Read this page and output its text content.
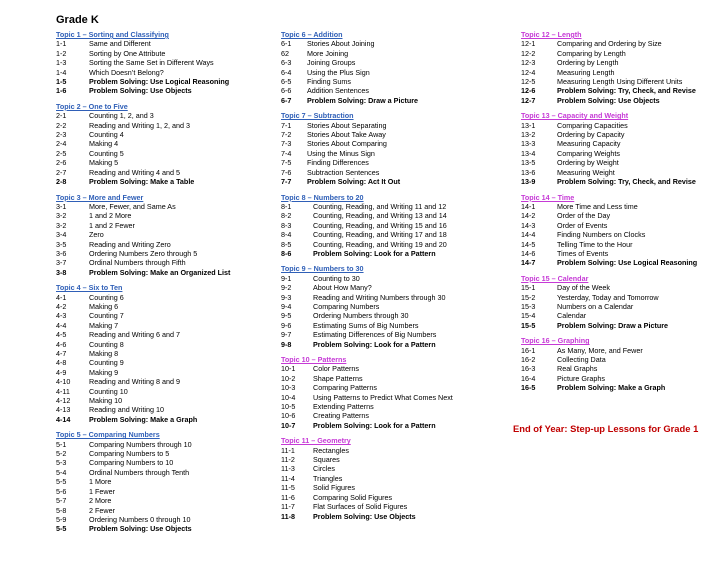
Grade K
Topic 1 – Sorting and Classifying
1-1	Same and Different
1-2	Sorting by One Attribute
1-3	Sorting the Same Set in Different Ways
1-4	Which Doesn’t Belong?
1-5	Problem Solving: Use Logical Reasoning
1-6	Problem Solving: Use Objects
Topic 2 – One to Five
2-1	Counting 1, 2, and 3
2-2	Reading and Writing 1, 2, and 3
2-3	Counting 4
2-4	Making 4
2-5	Counting 5
2-6	Making 5
2-7	Reading and Writing 4 and 5
2-8	Problem Solving: Make a Table
Topic 3 – More and Fewer
3-1	More, Fewer, and Same As
3-2	1 and 2 More
3-2	1 and 2 Fewer
3-4	Zero
3-5	Reading and Writing Zero
3-6	Ordering Numbers Zero through 5
3-7	Ordinal Numbers through Fifth
3-8	Problem Solving: Make an Organized List
Topic 4 – Six to Ten
4-1	Counting 6
4-2	Making 6
4-3	Counting 7
4-4	Making 7
4-5	Reading and Writing 6 and 7
4-6	Counting 8
4-7	Making 8
4-8	Counting 9
4-9	Making 9
4-10	Reading and Writing 8 and 9
4-11	Counting 10
4-12	Making 10
4-13	Reading and Writing 10
4-14	Problem Solving: Make a Graph
Topic 5 – Comparing Numbers
5-1	Comparing Numbers through 10
5-2	Comparing Numbers to 5
5-3	Comparing Numbers to 10
5-4	Ordinal Numbers through Tenth
5-5	1 More
5-6	1 Fewer
5-7	2 More
5-8	2 Fewer
5-9	Ordering Numbers 0 through 10
5-5	Problem Solving: Use Objects
Topic 6 – Addition
6-1	Stories About Joining
62	More Joining
6-3	Joining Groups
6-4	Using the Plus Sign
6-5	Finding Sums
6-6	Addition Sentences
6-7	Problem Solving: Draw a Picture
Topic 7 – Subtraction
7-1	Stories About Separating
7-2	Stories About Take Away
7-3	Stories About Comparing
7-4	Using the Minus Sign
7-5	Finding Differences
7-6	Subtraction Sentences
7-7	Problem Solving: Act It Out
Topic 8 – Numbers to 20
8-1	Counting, Reading, and Writing 11 and 12
8-2	Counting, Reading, and Writing 13 and 14
8-3	Counting, Reading, and Writing 15 and 16
8-4	Counting, Reading, and Writing 17 and 18
8-5	Counting, Reading, and Writing 19 and 20
8-6	Problem Solving: Look for a Pattern
Topic 9 – Numbers to 30
9-1	Counting to 30
9-2	About How Many?
9-3	Reading and Writing Numbers through 30
9-4	Comparing Numbers
9-5	Ordering Numbers through 30
9-6	Estimating Sums of Big Numbers
9-7	Estimating Differences of Big Numbers
9-8	Problem Solving: Look for a Pattern
Topic 10 – Patterns
10-1	Color Patterns
10-2	Shape Patterns
10-3	Comparing Patterns
10-4	Using Patterns to Predict What Comes Next
10-5	Extending Patterns
10-6	Creating Patterns
10-7	Problem Solving: Look for a Pattern
Topic 11 – Geometry
11-1	Rectangles
11-2	Squares
11-3	Circles
11-4	Triangles
11-5	Solid Figures
11-6	Comparing Solid Figures
11-7	Flat Surfaces of Solid Figures
11-8	Problem Solving: Use Objects
Topic 12 – Length
12-1	Comparing and Ordering by Size
12-2	Comparing by Length
12-3	Ordering by Length
12-4	Measuring Length
12-5	Measuring Length Using Different Units
12-6	Problem Solving: Try, Check, and Revise
12-7	Problem Solving: Use Objects
Topic 13 – Capacity and Weight
13-1	Comparing Capacities
13-2	Ordering by Capacity
13-3	Measuring Capacity
13-4	Comparing Weights
13-5	Ordering by Weight
13-6	Measuring Weight
13-9	Problem Solving: Try, Check, and Revise
Topic 14 – Time
14-1	More Time and Less time
14-2	Order of the Day
14-3	Order of Events
14-4	Finding Numbers on Clocks
14-5	Telling Time to the Hour
14-6	Times of Events
14-7	Problem Solving: Use Logical Reasoning
Topic 15 – Calendar
15-1	Day of the Week
15-2	Yesterday, Today and Tomorrow
15-3	Numbers on a Calendar
15-4	Calendar
15-5	Problem Solving: Draw a Picture
Topic 16 – Graphing
16-1	As Many, More, and Fewer
16-2	Collecting Data
16-3	Real Graphs
16-4	Picture Graphs
16-5	Problem Solving: Make a Graph
End of Year: Step-up Lessons for Grade 1
